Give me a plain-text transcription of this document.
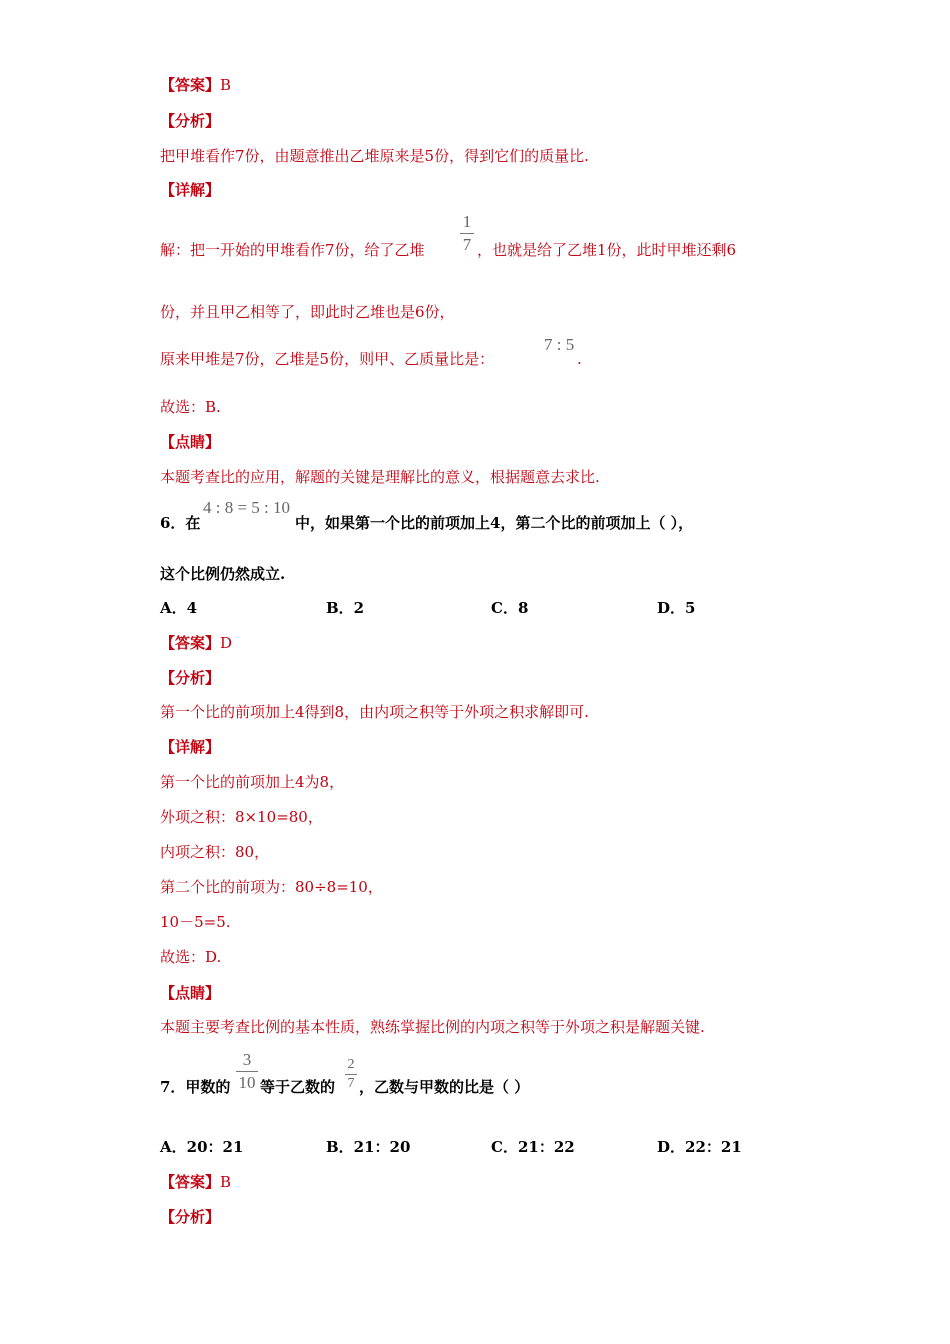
【答案】B
【分析】
把甲堆看作7份，由题意推出乙堆原来是5份，得到它们的质量比.
【详解】
解：把一开始的甲堆看作7份，给了乙堆
1
7 ，也就是给了乙堆1份，此时甲堆还剩6
份，并且甲乙相等了，即此时乙堆也是6份，
原来甲堆是7份，乙堆是5份，则甲、乙质量比是：
7 : 5
.
故选：B.
【点睛】
本题考查比的应用，解题的关键是理解比的意义，根据题意去求比.
6．在
4 : 8 = 5 : 10
中，如果第一个比的前项加上4，第二个比的前项加上（ ），
这个比例仍然成立.
A．4	B．2	C．8	D．5
【答案】D
【分析】
第一个比的前项加上4得到8，由内项之积等于外项之积求解即可.
【详解】
第一个比的前项加上4为8，
外项之积：8×10=80，
内项之积：80，
第二个比的前项为：80÷8=10，
10－5=5.
故选：D.
【点睛】
本题主要考查比例的基本性质，熟练掌握比例的内项之积等于外项之积是解题关键.
7．甲数的
3
10 等于乙数的
2
7 ，乙数与甲数的比是（ ）
A．20：21	B．21：20	C．21：22	D．22：21
【答案】B
【分析】
